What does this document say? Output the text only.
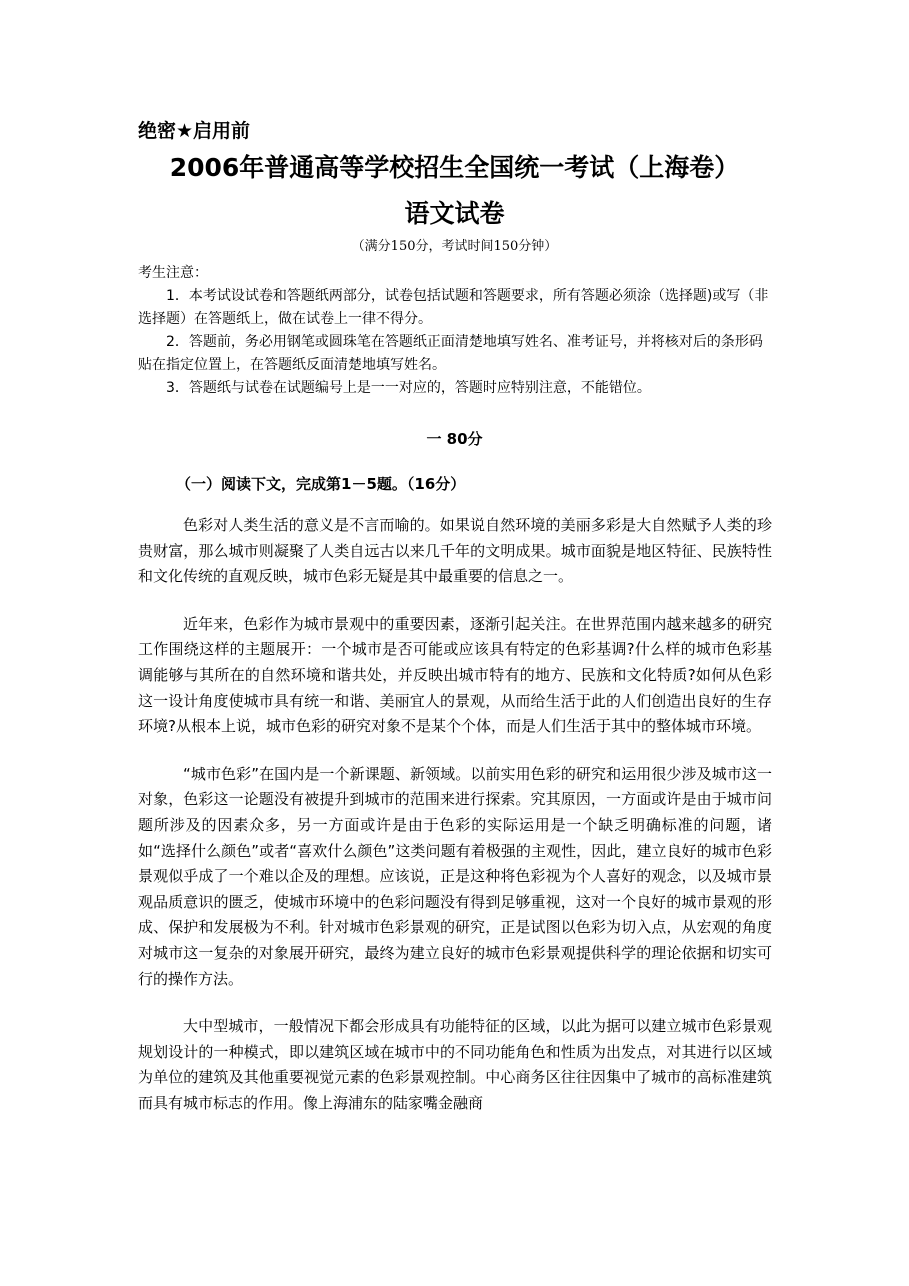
绝密★启用前
2006年普通高等学校招生全国统一考试（上海卷）
语文试卷
（满分150分，考试时间150分钟）

考生注意：

1．本考试设试卷和答题纸两部分，试卷包括试题和答题要求，所有答题必须涂（选择题)或写（非选择题）在答题纸上，做在试卷上一律不得分。

2．答题前，务必用钢笔或圆珠笔在答题纸正面清楚地填写姓名、准考证号，并将核对后的条形码贴在指定位置上，在答题纸反面清楚地填写姓名。

3．答题纸与试卷在试题编号上是一一对应的，答题时应特别注意，不能错位。

一 80分
（一）阅读下文，完成第1－5题。（16分）

色彩对人类生活的意义是不言而喻的。如果说自然环境的美丽多彩是大自然赋予人类的珍贵财富，那么城市则凝聚了人类自远古以来几千年的文明成果。城市面貌是地区特征、民族特性和文化传统的直观反映，城市色彩无疑是其中最重要的信息之一。

近年来，色彩作为城市景观中的重要因素，逐渐引起关注。在世界范围内越来越多的研究工作围绕这样的主题展开：一个城市是否可能或应该具有特定的色彩基调?什么样的城市色彩基调能够与其所在的自然环境和谐共处，并反映出城市特有的地方、民族和文化特质?如何从色彩这一设计角度使城市具有统一和谐、美丽宜人的景观，从而给生活于此的人们创造出良好的生存环境?从根本上说，城市色彩的研究对象不是某个个体，而是人们生活于其中的整体城市环境。

“城市色彩”在国内是一个新课题、新领域。以前实用色彩的研究和运用很少涉及城市这一对象，色彩这一论题没有被提升到城市的范围来进行探索。究其原因，一方面或许是由于城市问题所涉及的因素众多，另一方面或许是由于色彩的实际运用是一个缺乏明确标准的问题，诸如“选择什么颜色”或者“喜欢什么颜色”这类问题有着极强的主观性，因此，建立良好的城市色彩景观似乎成了一个难以企及的理想。应该说，正是这种将色彩视为个人喜好的观念，以及城市景观品质意识的匮乏，使城市环境中的色彩问题没有得到足够重视，这对一个良好的城市景观的形成、保护和发展极为不利。针对城市色彩景观的研究，正是试图以色彩为切入点，从宏观的角度对城市这一复杂的对象展开研究，最终为建立良好的城市色彩景观提供科学的理论依据和切实可行的操作方法。

大中型城市，一般情况下都会形成具有功能特征的区域，以此为据可以建立城市色彩景观规划设计的一种模式，即以建筑区域在城市中的不同功能角色和性质为出发点，对其进行以区域为单位的建筑及其他重要视觉元素的色彩景观控制。中心商务区往往因集中了城市的高标准建筑而具有城市标志的作用。像上海浦东的陆家嘴金融商
